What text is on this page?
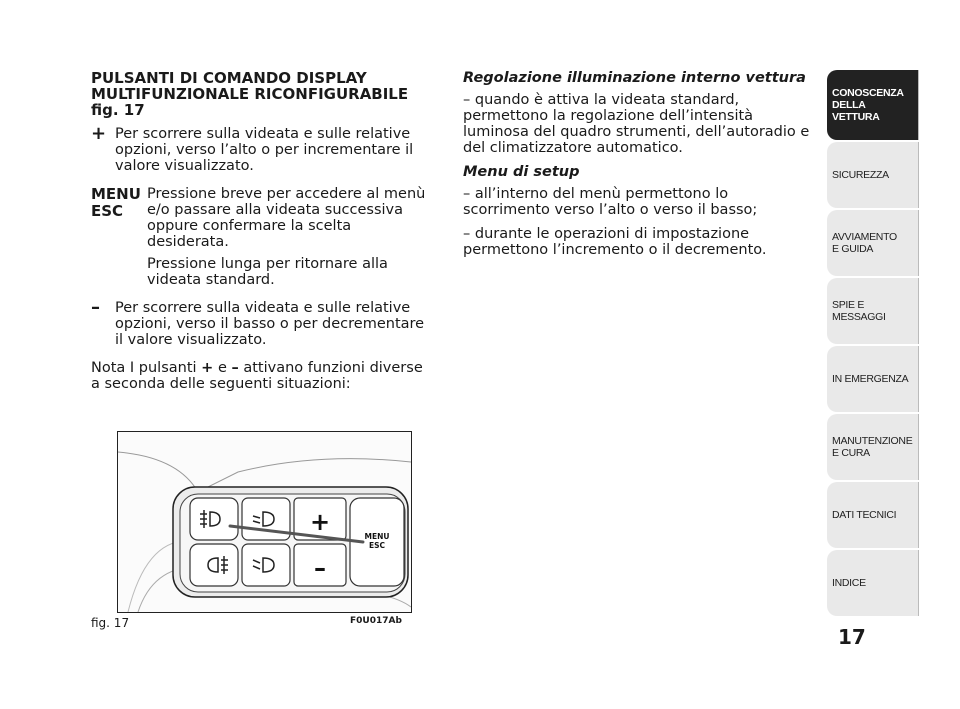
PULSANTI DI COMANDO DISPLAY MULTIFUNZIONALE RICONFIGURABILE fig. 17
+ Per scorrere sulla videata e sulle relative opzioni, verso l’alto o per incrementare il valore visualizzato.

MENU ESC

Pressione breve per accedere al menù e/o passare alla videata successiva oppure confermare la scelta desiderata.

Pressione lunga per ritornare alla videata standard.

–	Per scorrere sulla videata e sulle relative opzioni, verso il basso o per decrementare il valore visualizzato.

Nota I pulsanti + e – attivano funzioni diverse a seconda delle seguenti situazioni:

Regolazione illuminazione interno vettura

– quando è attiva la videata standard, permettono la regolazione dell’intensità luminosa del quadro strumenti, dell’autoradio e del climatizzatore automatico.

Menu di setup

– all’interno del menù permettono lo scorrimento verso l’alto o verso il basso;

– durante le operazioni di impostazione permettono l’incremento o il decremento.

+
–
MENU
ESC
fig. 17	F0U017Ab
CONOSCENZA
DELLA
VETTURA
SICUREZZA
AVVIAMENTO
E GUIDA
SPIE E
MESSAGGI
IN EMERGENZA
MANUTENZIONE
E CURA
DATI TECNICI
INDICE
17
